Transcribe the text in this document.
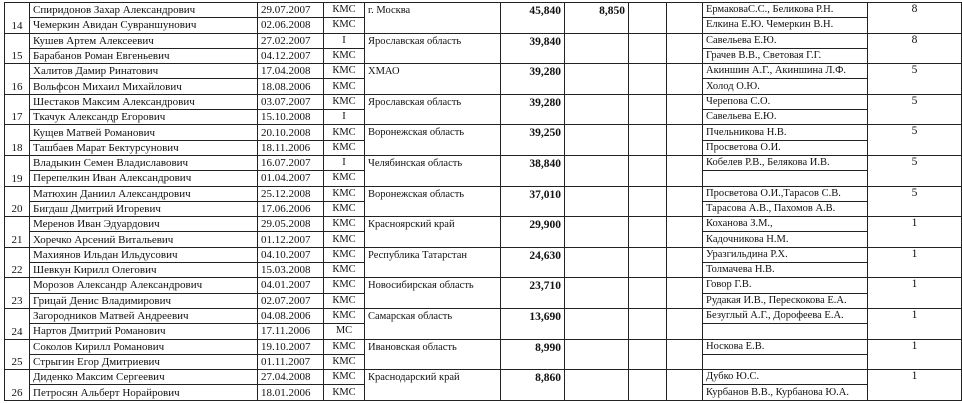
14	Спиридонов Захар Александрович	29.07.2007	КМС	г. Москва	45,840	8,850			ЕрмаковаС.С., Беликова Р.Н.	8
	Чемеркин Авидан Сувраншунович	02.06.2008	КМС						Елкина Е.Ю. Чемеркин В.Н.	
15	Кушев Артем Алексеевич	27.02.2007	I	Ярославская область	39,840				Савельева Е.Ю.	8
	Барабанов Роман Евгеньевич	04.12.2007	КМС						Грачев В.В., Световая Г.Г.	
16	Халитов Дамир Ринатович	17.04.2008	КМС	ХМАО	39,280				Акиншин А.Г., Акиншина Л.Ф.	5
	Вольфсон Михаил Михайлович	18.08.2006	КМС						Холод О.Ю.	
17	Шестаков Максим Александрович	03.07.2007	КМС	Ярославская область	39,280				Черепова С.О.	5
	Ткачук Александр Егорович	15.10.2008	I						Савельева Е.Ю.	
18	Кущев Матвей Романович	20.10.2008	КМС	Воронежская область	39,250				Пчельникова Н.В.	5
	Ташбаев Марат Бектурсунович	18.11.2006	КМС						Просветова О.И.	
19	Владыкин Семен Владиславович	16.07.2007	I	Челябинская область	38,840				Кобелев Р.В., Белякова И.В.	5
	Перепелкин Иван Александрович	01.04.2007	КМС							
20	Матюхин Даниил Александрович	25.12.2008	КМС	Воронежская область	37,010				Просветова О.И.,Тарасов С.В.	5
	Бигдаш Дмитрий Игоревич	17.06.2006	КМС						Тарасова А.В., Пахомов А.В.	
21	Меренов Иван Эдуардович	29.05.2008	КМС	Красноярский край	29,900				Коханова З.М.,	1
	Хоречко Арсений Витальевич	01.12.2007	КМС						Кадочникова Н.М.	
22	Махиянов Ильдан Ильдусович	04.10.2007	КМС	Республика Татарстан	24,630				Уразгильдина Р.Х.	1
	Шевкун Кирилл Олегович	15.03.2008	КМС						Толмачева Н.В.	
23	Морозов Александр Александрович	04.01.2007	КМС	Новосибирская область	23,710				Говор Г.В.	1
	Грицай Денис Владимирович	02.07.2007	КМС						Рудакая И.В., Перескокова Е.А.	
24	Загородников Матвей Андреевич	04.08.2006	КМС	Самарская область	13,690				Безуглый А.Г., Дорофеева Е.А.	1
	Нартов Дмитрий Романович	17.11.2006	МС							
25	Соколов Кирилл Романович	19.10.2007	КМС	Ивановская область	8,990				Носкова Е.В.	1
	Стрыгин Егор Дмитриевич	01.11.2007	КМС							
26	Диденко Максим Сергеевич	27.04.2008	КМС	Краснодарский край	8,860				Дубко Ю.С.	1
	Петросян Альберт Норайрович	18.01.2006	КМС						Курбанов В.В., Курбанова Ю.А.	
